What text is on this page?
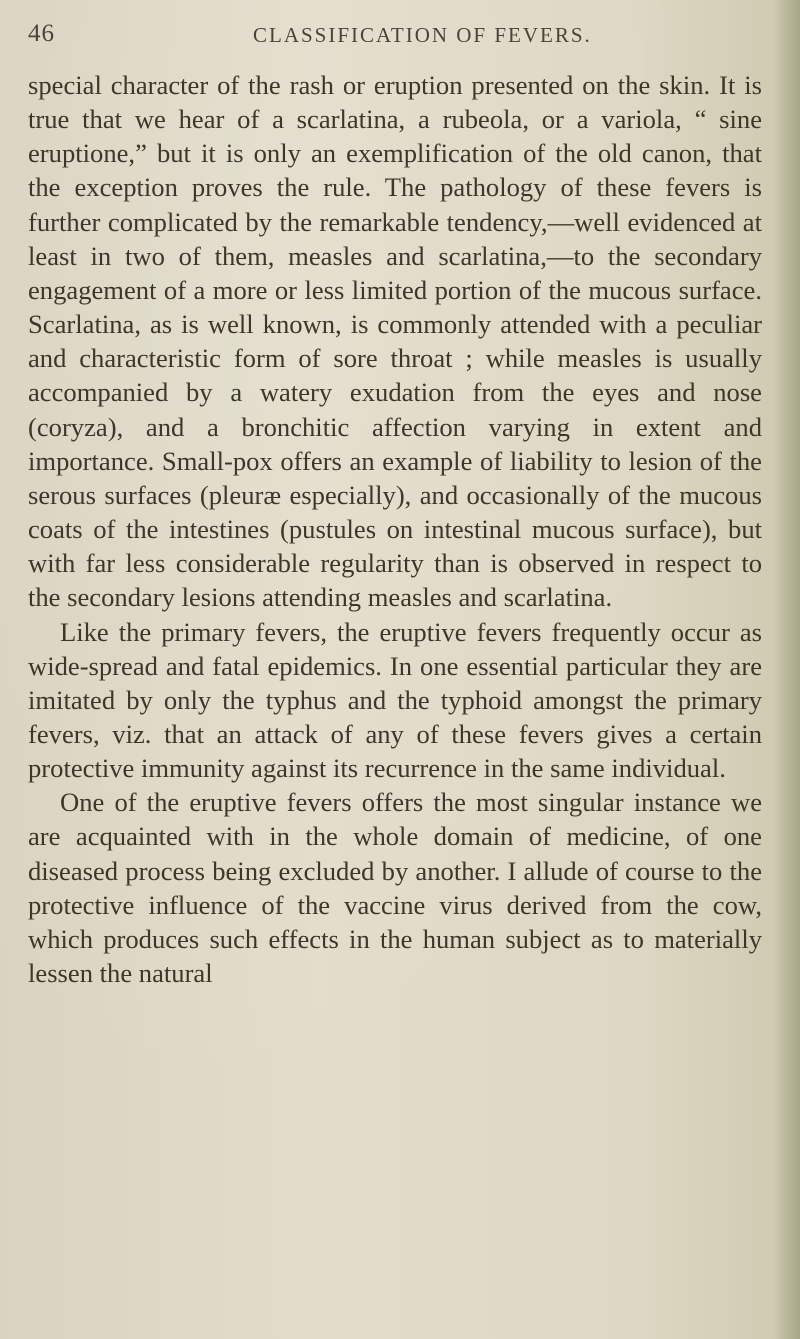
46	CLASSIFICATION OF FEVERS.

special character of the rash or eruption presented on the skin. It is true that we hear of a scarlatina, a rubeola, or a variola, “ sine eruptione,” but it is only an exemplification of the old canon, that the exception proves the rule. The pathology of these fevers is further complicated by the remarkable tendency,—well evidenced at least in two of them, measles and scarlatina,—to the secondary engagement of a more or less limited portion of the mucous surface. Scarlatina, as is well known, is commonly attended with a peculiar and characteristic form of sore throat ; while measles is usually accompanied by a watery exudation from the eyes and nose (coryza), and a bronchitic affection varying in extent and importance. Small-pox offers an example of liability to lesion of the serous surfaces (pleuræ especially), and occasionally of the mucous coats of the intestines (pustules on intestinal mucous surface), but with far less considerable regularity than is observed in respect to the secondary lesions attending measles and scarlatina.

Like the primary fevers, the eruptive fevers frequently occur as wide-spread and fatal epidemics. In one essential particular they are imitated by only the typhus and the typhoid amongst the primary fevers, viz. that an attack of any of these fevers gives a certain protective immunity against its recurrence in the same individual.

One of the eruptive fevers offers the most singular instance we are acquainted with in the whole domain of medicine, of one diseased process being excluded by another. I allude of course to the protective influence of the vaccine virus derived from the cow, which produces such effects in the human subject as to materially lessen the natural
